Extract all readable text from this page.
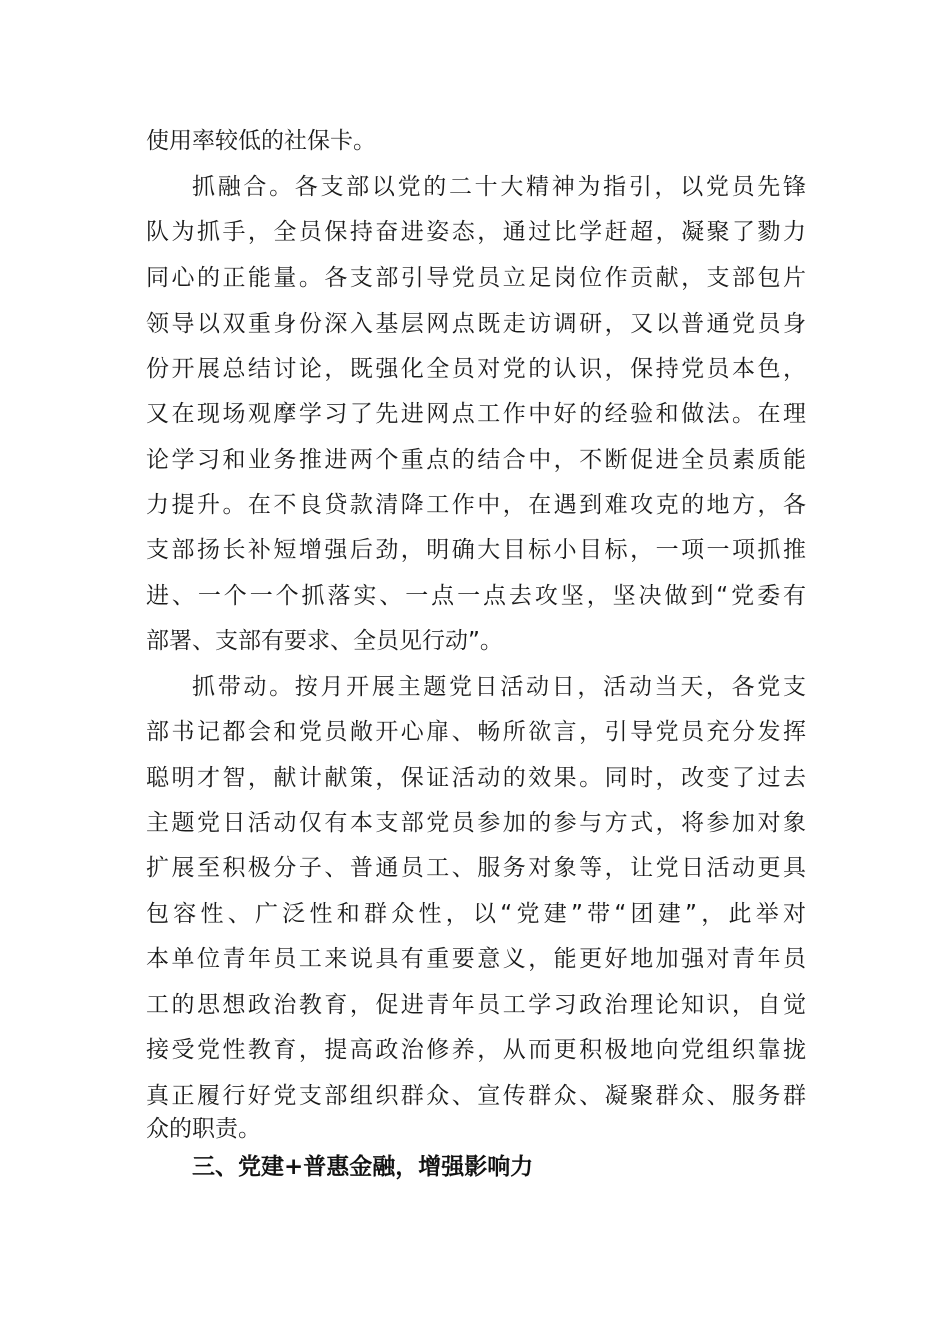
使用率较低的社保卡。
抓融合。各支部以党的二十大精神为指引，以党员先锋
队为抓手，全员保持奋进姿态，通过比学赶超，凝聚了勠力
同心的正能量。各支部引导党员立足岗位作贡献，支部包片
领导以双重身份深入基层网点既走访调研，又以普通党员身
份开展总结讨论，既强化全员对党的认识，保持党员本色，
又在现场观摩学习了先进网点工作中好的经验和做法。在理
论学习和业务推进两个重点的结合中，不断促进全员素质能
力提升。在不良贷款清降工作中，在遇到难攻克的地方，各
支部扬长补短增强后劲，明确大目标小目标，一项一项抓推
进、一个一个抓落实、一点一点去攻坚，坚决做到“党委有
部署、支部有要求、全员见行动”。
抓带动。按月开展主题党日活动日，活动当天，各党支
部书记都会和党员敞开心扉、畅所欲言，引导党员充分发挥
聪明才智，献计献策，保证活动的效果。同时，改变了过去
主题党日活动仅有本支部党员参加的参与方式，将参加对象
扩展至积极分子、普通员工、服务对象等，让党日活动更具
包容性、广泛性和群众性，以“党建”带“团建”，此举对
本单位青年员工来说具有重要意义，能更好地加强对青年员
工的思想政治教育，促进青年员工学习政治理论知识，自觉
接受党性教育，提高政治修养，从而更积极地向党组织靠拢
真正履行好党支部组织群众、宣传群众、凝聚群众、服务群
众的职责。
三、党建+普惠金融，增强影响力
